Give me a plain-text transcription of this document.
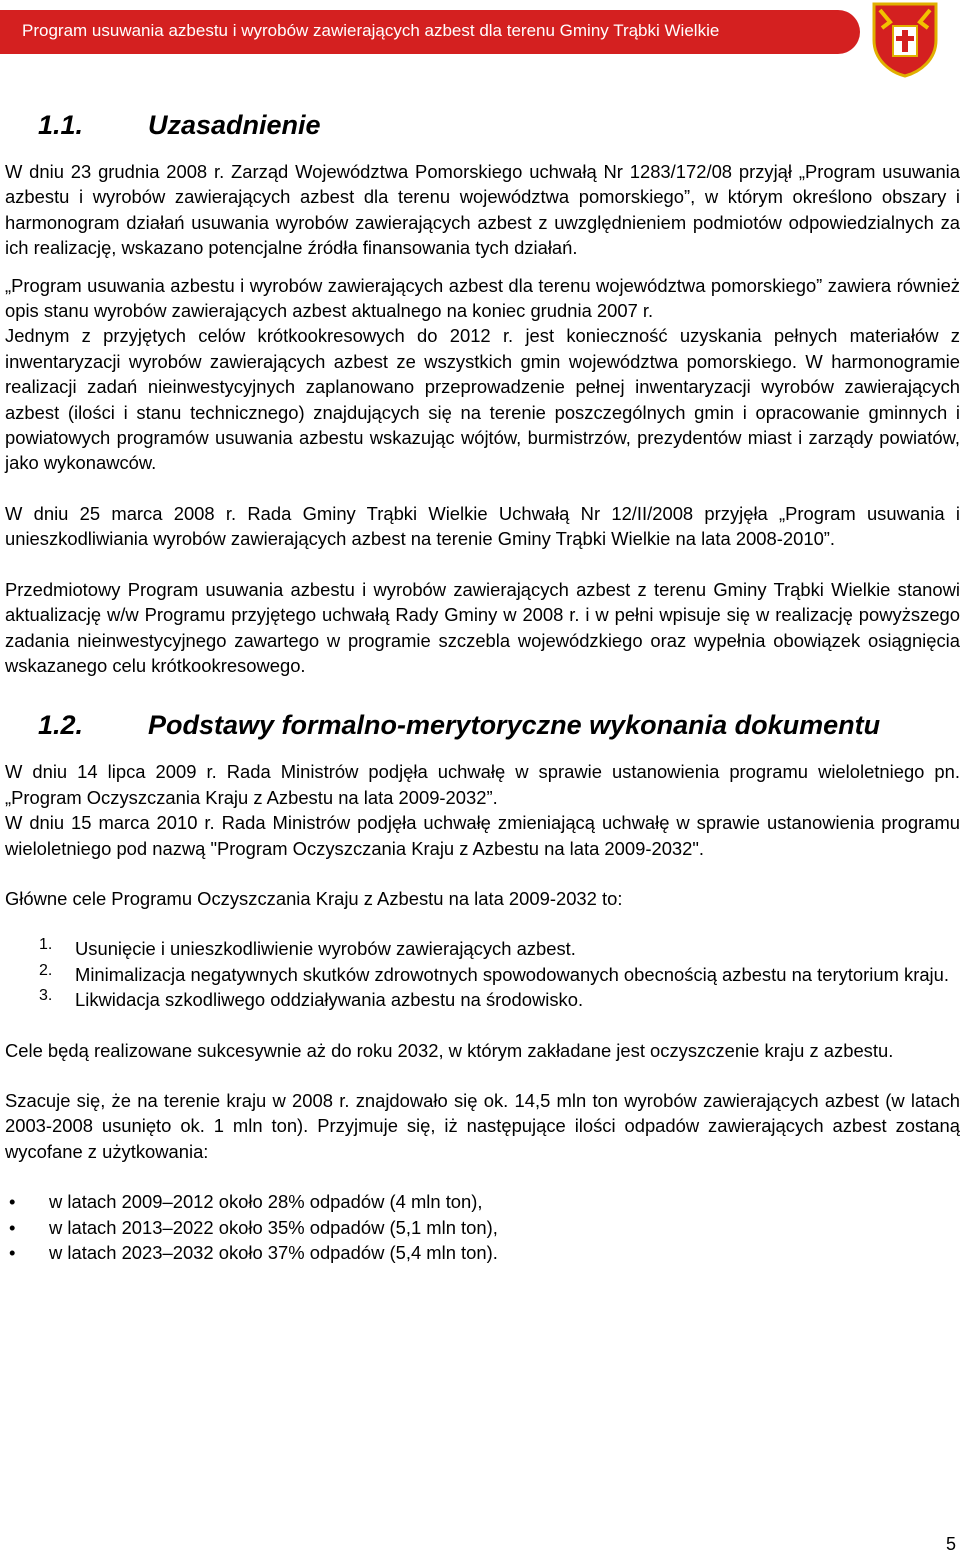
Program usuwania azbestu i wyrobów zawierających azbest dla terenu Gminy Trąbki Wielkie
1.1.	Uzasadnienie

W dniu 23 grudnia 2008 r. Zarząd Województwa Pomorskiego uchwałą Nr 1283/172/08 przyjął „Program usuwania azbestu i wyrobów zawierających azbest dla terenu województwa pomorskiego”, w którym określono obszary i harmonogram działań usuwania wyrobów zawierających azbest z uwzględnieniem podmiotów odpowiedzialnych za ich realizację, wskazano potencjalne źródła finansowania tych działań.

„Program usuwania azbestu i wyrobów zawierających azbest dla terenu województwa pomorskiego” zawiera również opis stanu wyrobów zawierających azbest aktualnego na koniec grudnia 2007 r.

Jednym z przyjętych celów krótkookresowych do 2012 r. jest konieczność uzyskania pełnych materiałów z inwentaryzacji wyrobów zawierających azbest ze wszystkich gmin województwa pomorskiego. W harmonogramie realizacji zadań nieinwestycyjnych zaplanowano przeprowadzenie pełnej inwentaryzacji wyrobów zawierających azbest (ilości i stanu technicznego) znajdujących się na terenie poszczególnych gmin i opracowanie gminnych i powiatowych programów usuwania azbestu wskazując wójtów, burmistrzów, prezydentów miast i zarządy powiatów, jako wykonawców.

W dniu 25 marca 2008 r. Rada Gminy Trąbki Wielkie Uchwałą Nr 12/II/2008 przyjęła „Program usuwania i unieszkodliwiania wyrobów zawierających azbest na terenie Gminy Trąbki Wielkie na lata 2008-2010”.

Przedmiotowy Program usuwania azbestu i wyrobów zawierających azbest z terenu Gminy Trąbki Wielkie stanowi aktualizację w/w Programu przyjętego uchwałą Rady Gminy w 2008 r. i w pełni wpisuje się w realizację powyższego zadania nieinwestycyjnego zawartego w programie szczebla wojewódzkiego oraz wypełnia obowiązek osiągnięcia wskazanego celu krótkookresowego.

1.2.	Podstawy formalno-merytoryczne wykonania dokumentu

W dniu 14 lipca 2009 r. Rada Ministrów podjęła uchwałę w sprawie ustanowienia programu wieloletniego pn. „Program Oczyszczania Kraju z Azbestu na lata 2009-2032”.

W dniu 15 marca 2010 r. Rada Ministrów podjęła uchwałę zmieniającą uchwałę w sprawie ustanowienia programu wieloletniego pod nazwą "Program Oczyszczania Kraju z Azbestu na lata 2009-2032".

Główne cele Programu Oczyszczania Kraju z Azbestu na lata 2009-2032 to:

1.	Usunięcie i unieszkodliwienie wyrobów zawierających azbest.
2.	Minimalizacja negatywnych skutków zdrowotnych spowodowanych obecnością azbestu na terytorium kraju.
3.	Likwidacja szkodliwego oddziaływania azbestu na środowisko.

Cele będą realizowane sukcesywnie aż do roku 2032, w którym zakładane jest oczyszczenie kraju z azbestu.

Szacuje się, że na terenie kraju w 2008 r. znajdowało się ok. 14,5 mln ton wyrobów zawierających azbest (w latach 2003-2008 usunięto ok. 1 mln ton). Przyjmuje się, iż następujące ilości odpadów zawierających azbest zostaną wycofane z użytkowania:

•	w latach 2009–2012 około 28% odpadów (4 mln ton),
•	w latach 2013–2022 około 35% odpadów (5,1 mln ton),
•	w latach 2023–2032 około 37% odpadów (5,4 mln ton).
5
